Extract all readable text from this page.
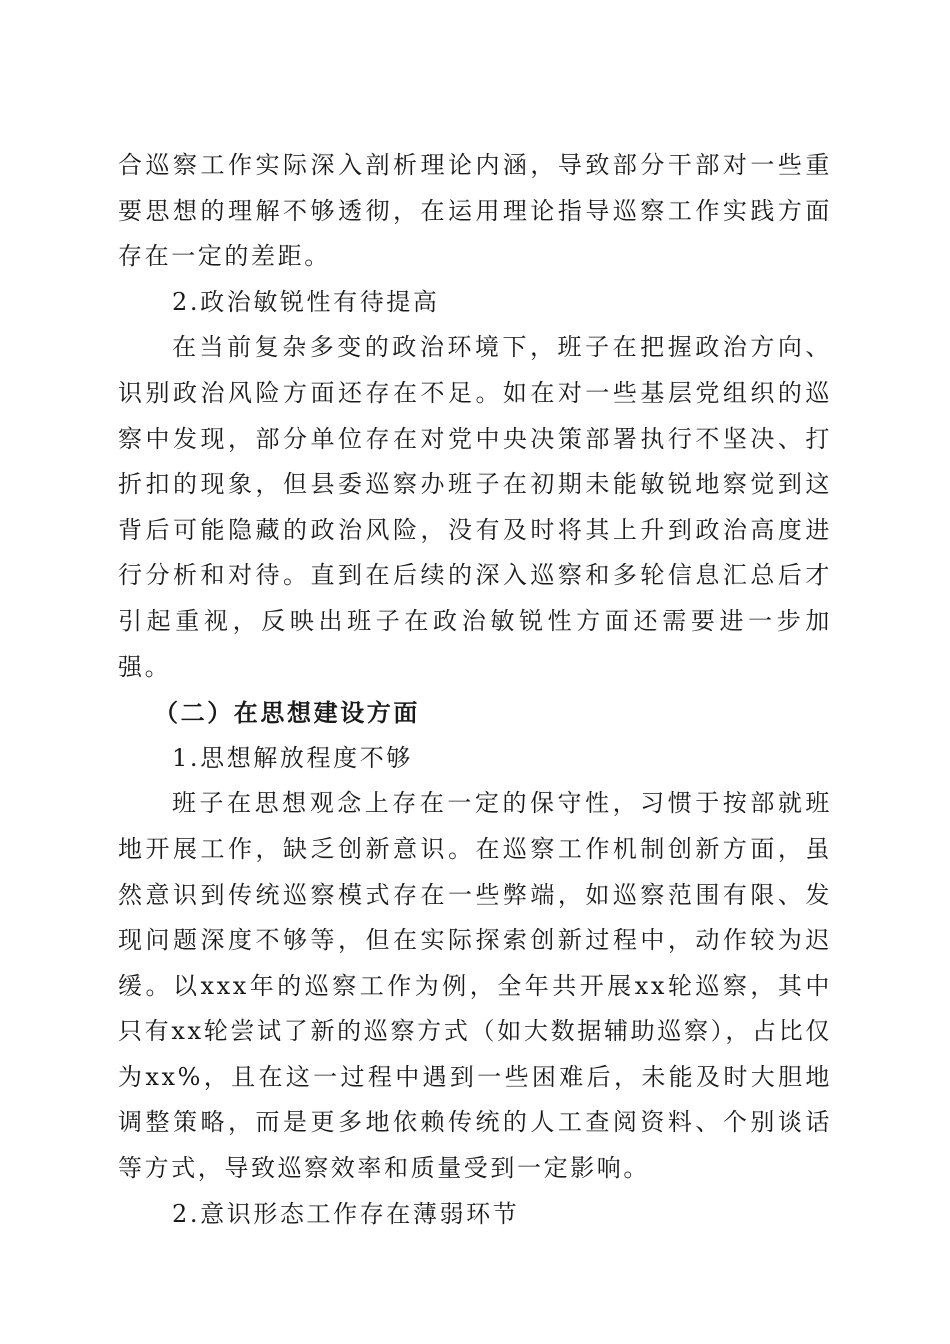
合巡察工作实际深入剖析理论内涵，导致部分干部对一些重要思想的理解不够透彻，在运用理论指导巡察工作实践方面存在一定的差距。

2.政治敏锐性有待提高

在当前复杂多变的政治环境下，班子在把握政治方向、识别政治风险方面还存在不足。如在对一些基层党组织的巡察中发现，部分单位存在对党中央决策部署执行不坚决、打折扣的现象，但县委巡察办班子在初期未能敏锐地察觉到这背后可能隐藏的政治风险，没有及时将其上升到政治高度进行分析和对待。直到在后续的深入巡察和多轮信息汇总后才引起重视，反映出班子在政治敏锐性方面还需要进一步加强。

（二）在思想建设方面

1.思想解放程度不够

班子在思想观念上存在一定的保守性，习惯于按部就班地开展工作，缺乏创新意识。在巡察工作机制创新方面，虽然意识到传统巡察模式存在一些弊端，如巡察范围有限、发现问题深度不够等，但在实际探索创新过程中，动作较为迟缓。以xxx年的巡察工作为例，全年共开展xx轮巡察，其中只有xx轮尝试了新的巡察方式（如大数据辅助巡察），占比仅为xx%，且在这一过程中遇到一些困难后，未能及时大胆地调整策略，而是更多地依赖传统的人工查阅资料、个别谈话等方式，导致巡察效率和质量受到一定影响。

2.意识形态工作存在薄弱环节
